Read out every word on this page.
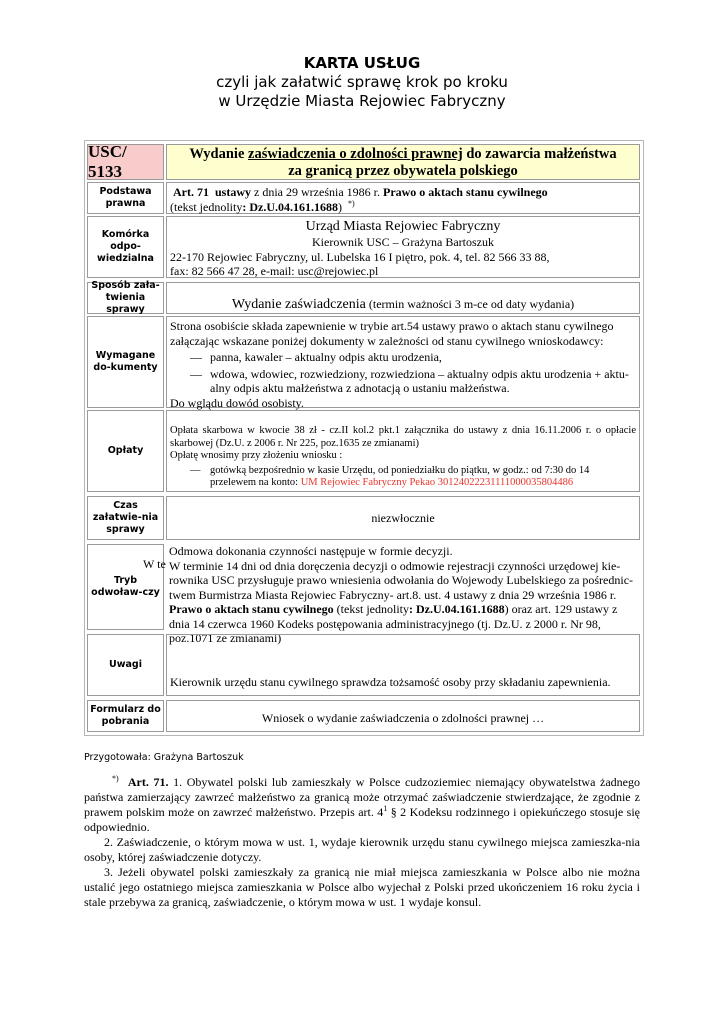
KARTA USŁUG
czyli jak załatwić sprawę krok po kroku
w Urzędzie Miasta Rejowiec Fabryczny
USC/ 5133
Wydanie zaświadczenia o zdolności prawnej do zawarcia małżeństwa
za granicą przez obywatela polskiego
Podstawa prawna
Art. 71 ustawy z dnia 29 września 1986 r. Prawo o aktach stanu cywilnego
(tekst jednolity: Dz.U.04.161.1688) *)
Komórka odpo-wiedzialna
Urząd Miasta Rejowiec Fabryczny
Kierownik USC – Grażyna Bartoszuk
22-170 Rejowiec Fabryczny, ul. Lubelska 16 I piętro, pok. 4, tel. 82 566 33 88,
fax: 82 566 47 28, e-mail: usc@rejowiec.pl
Sposób zała-twienia sprawy	Wydanie zaświadczenia (termin ważności 3 m-ce od daty wydania)
Wymagane do-kumenty
Strona osobiście składa zapewnienie w trybie art.54 ustawy prawo o aktach stanu cywilnego załączając wskazane poniżej dokumenty w zależności od stanu cywilnego wnioskodawcy:
— panna, kawaler – aktualny odpis aktu urodzenia,
— wdowa, wdowiec, rozwiedziony, rozwiedziona – aktualny odpis aktu urodzenia + aktu-
alny odpis aktu małżeństwa z adnotacją o ustaniu małżeństwa.
Do wglądu dowód osobisty.
Opłaty
Opłata skarbowa w kwocie 38 zł - cz.II kol.2 pkt.1 załącznika do ustawy z dnia 16.11.2006 r. o opłacie skarbowej (Dz.U. z 2006 r. Nr 225, poz.1635 ze zmianami)
Opłatę wnosimy przy złożeniu wniosku :
— gotówką bezpośrednio w kasie Urzędu, od poniedziałku do piątku, w godz.: od 7:30 do 14
przelewem na konto: UM Rejowiec Fabryczny Pekao 30124022231111000035804486
Czas załatwie-nia sprawy
niezwłocznie
Tryb odwoław-czy
W te
Odmowa dokonania czynności następuje w formie decyzji.
W terminie 14 dni od dnia doręczenia decyzji o odmowie rejestracji czynności urzędowej kie-
rownika USC przysługuje prawo wniesienia odwołania do Wojewody Lubelskiego za pośrednic-
twem Burmistrza Miasta Rejowiec Fabryczny- art.8. ust. 4 ustawy z dnia 29 września 1986 r.
Prawo o aktach stanu cywilnego (tekst jednolity: Dz.U.04.161.1688) oraz art. 129 ustawy z
dnia 14 czerwca 1960 Kodeks postępowania administracyjnego (tj. Dz.U. z 2000 r. Nr 98,
poz.1071 ze zmianami)
Uwagi
Kierownik urzędu stanu cywilnego sprawdza tożsamość osoby przy składaniu zapewnienia.
Formularz do pobrania	Wniosek o wydanie zaświadczenia o zdolności prawnej …
Przygotowała: Grażyna Bartoszuk

*) Art. 71. 1. Obywatel polski lub zamieszkały w Polsce cudzoziemiec niemający obywatelstwa żadnego państwa zamierzający zawrzeć małżeństwo za granicą może otrzymać zaświadczenie stwierdzające, że zgodnie z prawem polskim może on zawrzeć małżeństwo. Przepis art. $4^1$ § 2 Kodeksu rodzinnego i opiekuńczego stosuje się odpowiednio.

2. Zaświadczenie, o którym mowa w ust. 1, wydaje kierownik urzędu stanu cywilnego miejsca zamieszka-nia osoby, której zaświadczenie dotyczy.

3. Jeżeli obywatel polski zamieszkały za granicą nie miał miejsca zamieszkania w Polsce albo nie można ustalić jego ostatniego miejsca zamieszkania w Polsce albo wyjechał z Polski przed ukończeniem 16 roku życia i stale przebywa za granicą, zaświadczenie, o którym mowa w ust. 1 wydaje konsul.
